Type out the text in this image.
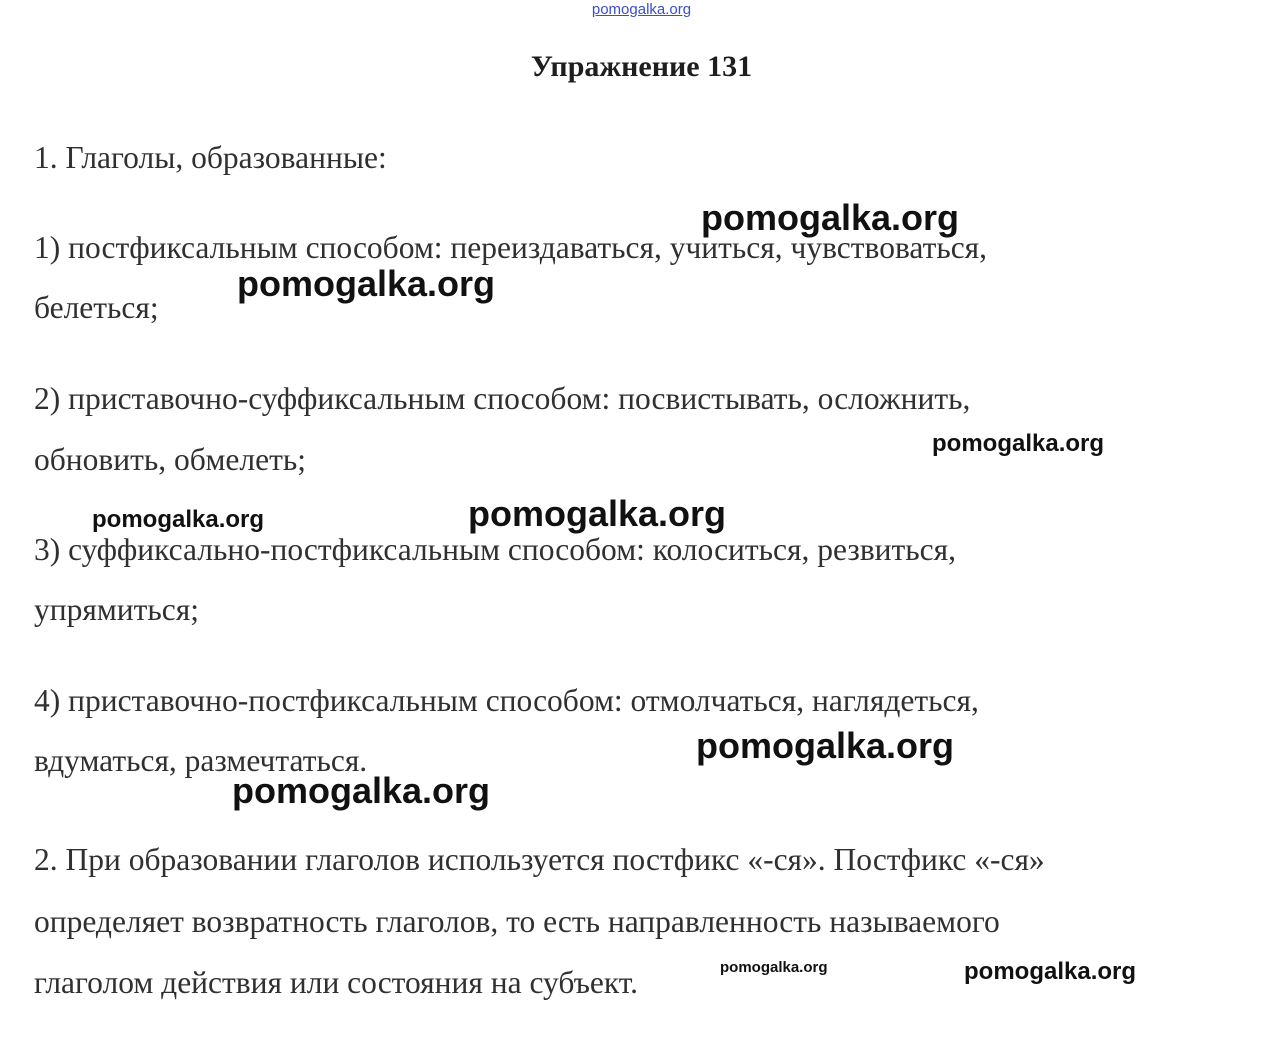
pomogalka.org
Упражнение 131

1. Глаголы, образованные:

1) постфиксальным способом: переиздаваться, учиться, чувствоваться,

белеться;

2) приставочно-суффиксальным способом: посвистывать, осложнить,

обновить, обмелеть;

3) суффиксально-постфиксальным способом: колоситься, резвиться,

упрямиться;

4) приставочно-постфиксальным способом: отмолчаться, наглядеться,

вдуматься, размечтаться.

2. При образовании глаголов используется постфикс «-ся». Постфикс «-ся»

определяет возвратность глаголов, то есть направленность называемого

глаголом действия или состояния на субъект.

pomogalka.org
pomogalka.org
pomogalka.org
pomogalka.org	pomogalka.org
pomogalka.org
pomogalka.org
pomogalka.org	pomogalka.org
